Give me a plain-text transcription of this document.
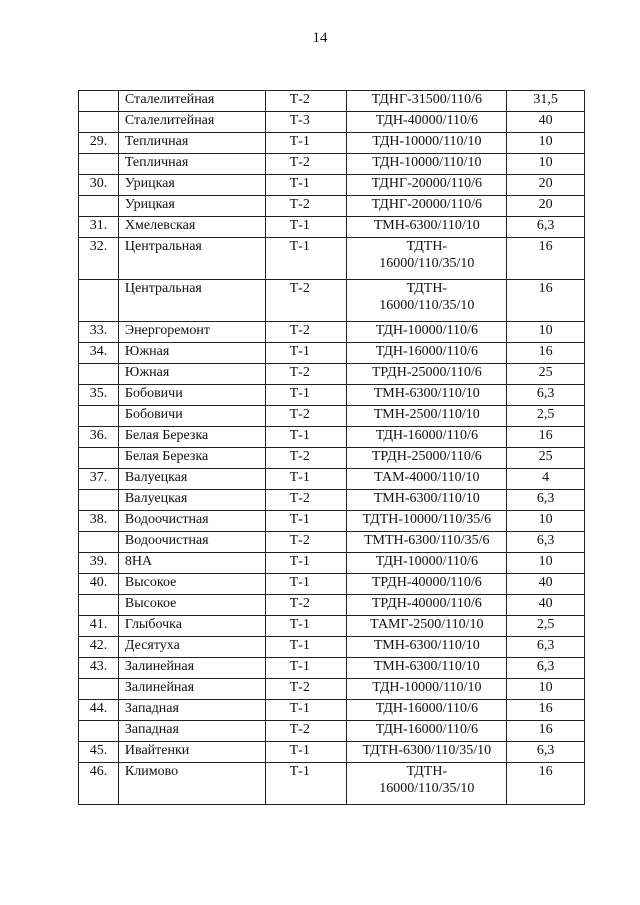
14
	Сталелитейная	Т-2	ТДНГ-31500/110/6	31,5
	Сталелитейная	Т-3	ТДН-40000/110/6	40
29.	Тепличная	Т-1	ТДН-10000/110/10	10
	Тепличная	Т-2	ТДН-10000/110/10	10
30.	Урицкая	Т-1	ТДНГ-20000/110/6	20
	Урицкая	Т-2	ТДНГ-20000/110/6	20
31.	Хмелевская	Т-1	ТМН-6300/110/10	6,3
32.	Центральная	Т-1	ТДТН-
16000/110/35/10	16
	Центральная	Т-2	ТДТН-
16000/110/35/10	16
33.	Энергоремонт	Т-2	ТДН-10000/110/6	10
34.	Южная	Т-1	ТДН-16000/110/6	16
	Южная	Т-2	ТРДН-25000/110/6	25
35.	Бобовичи	Т-1	ТМН-6300/110/10	6,3
	Бобовичи	Т-2	ТМН-2500/110/10	2,5
36.	Белая Березка	Т-1	ТДН-16000/110/6	16
	Белая Березка	Т-2	ТРДН-25000/110/6	25
37.	Валуецкая	Т-1	ТАМ-4000/110/10	4
	Валуецкая	Т-2	ТМН-6300/110/10	6,3
38.	Водоочистная	Т-1	ТДТН-10000/110/35/6	10
	Водоочистная	Т-2	ТМТН-6300/110/35/6	6,3
39.	8НА	Т-1	ТДН-10000/110/6	10
40.	Высокое	Т-1	ТРДН-40000/110/6	40
	Высокое	Т-2	ТРДН-40000/110/6	40
41.	Глыбочка	Т-1	ТАМГ-2500/110/10	2,5
42.	Десятуха	Т-1	ТМН-6300/110/10	6,3
43.	Залинейная	Т-1	ТМН-6300/110/10	6,3
	Залинейная	Т-2	ТДН-10000/110/10	10
44.	Западная	Т-1	ТДН-16000/110/6	16
	Западная	Т-2	ТДН-16000/110/6	16
45.	Ивайтенки	Т-1	ТДТН-6300/110/35/10	6,3
46.	Климово	Т-1	ТДТН-
16000/110/35/10	16
